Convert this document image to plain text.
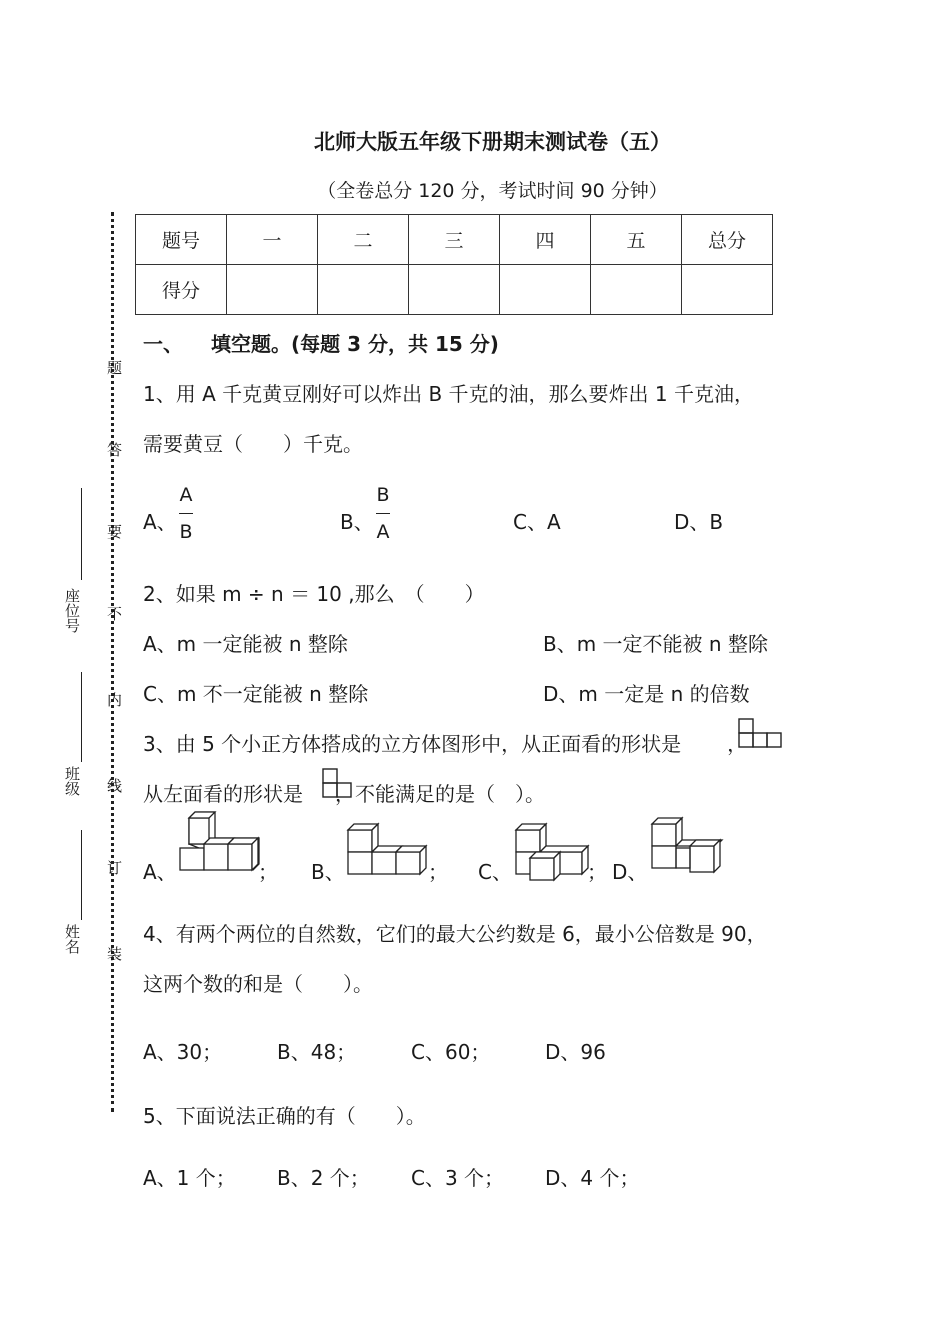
北师大版五年级下册期末测试卷（五）
（全卷总分 120 分，考试时间 90 分钟）
座位号
班级
姓名
题
答
要
不
内
线
订
装
题号	一	二	三	四	五	总分
得分						
一、 填空题。(每题 3 分，共 15 分)
1、用 A 千克黄豆刚好可以炸出 B 千克的油，那么要炸出 1 千克油，
需要黄豆（　　）千克。
A、
A
B	B、
B
A	C、A	D、B
2、如果 m ÷ n ＝ 10 ,那么　（　　）
A、m 一定能被 n 整除	B、m 一定不能被 n 整除
C、m 不一定能被 n 整除	D、m 一定是 n 的倍数
3、由 5 个小正方体搭成的立方体图形中，从正面看的形状是 ，
从左面看的形状是 ，不能满足的是（　）。
A、	； B、	； C、	； D、
4、有两个两位的自然数，它们的最大公约数是 6，最小公倍数是 90，
这两个数的和是（　　）。
A、30；	B、48；	C、60；	D、96
5、下面说法正确的有（　　）。
A、1 个； B、2 个； C、3 个； D、4 个；
